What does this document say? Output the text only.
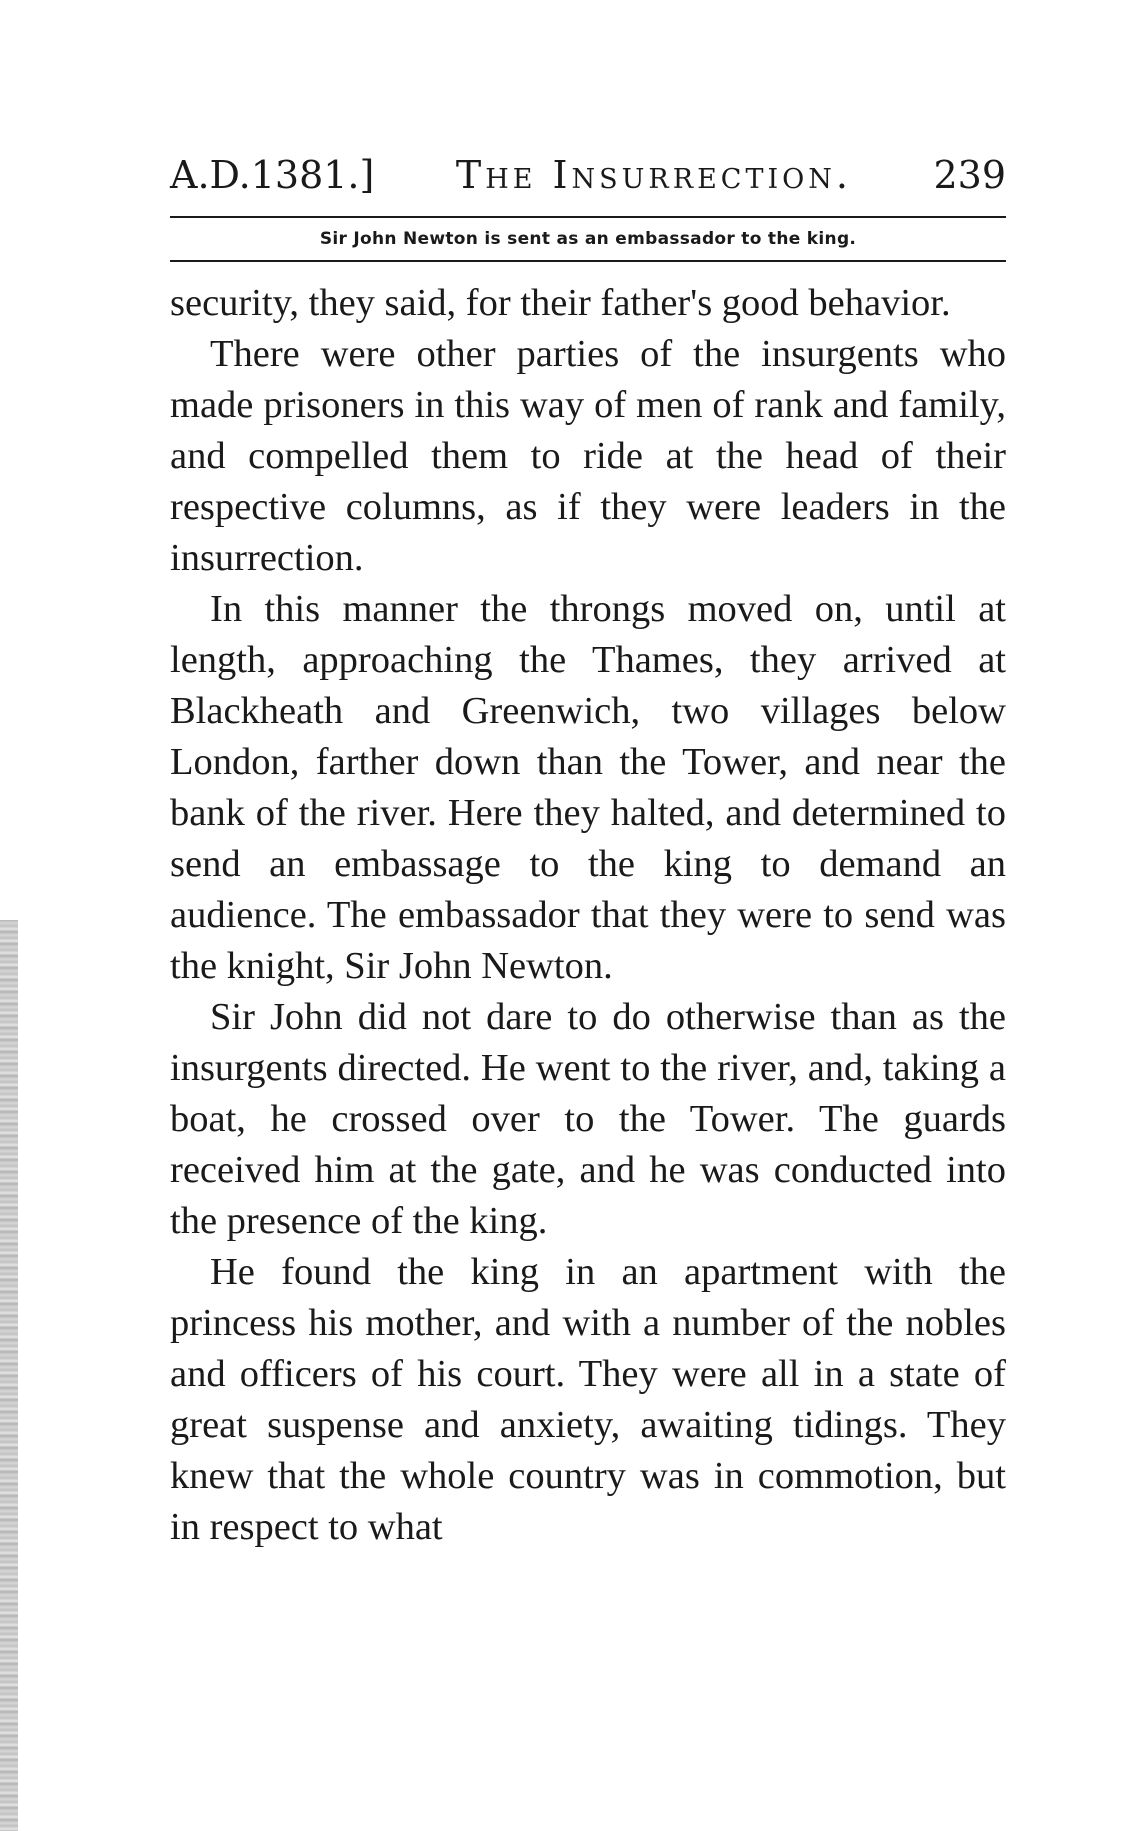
A.D.1381.] The Insurrection. 239
Sir John Newton is sent as an embassador to the king.

security, they said, for their father's good behavior.

There were other parties of the insurgents who made prisoners in this way of men of rank and family, and compelled them to ride at the head of their respective columns, as if they were leaders in the insurrection.

In this manner the throngs moved on, until at length, approaching the Thames, they arrived at Blackheath and Greenwich, two villages below London, farther down than the Tower, and near the bank of the river. Here they halted, and determined to send an embassage to the king to demand an audience. The embassador that they were to send was the knight, Sir John Newton.

Sir John did not dare to do otherwise than as the insurgents directed. He went to the river, and, taking a boat, he crossed over to the Tower. The guards received him at the gate, and he was conducted into the presence of the king.

He found the king in an apartment with the princess his mother, and with a number of the nobles and officers of his court. They were all in a state of great suspense and anxiety, awaiting tidings. They knew that the whole country was in commotion, but in respect to what
